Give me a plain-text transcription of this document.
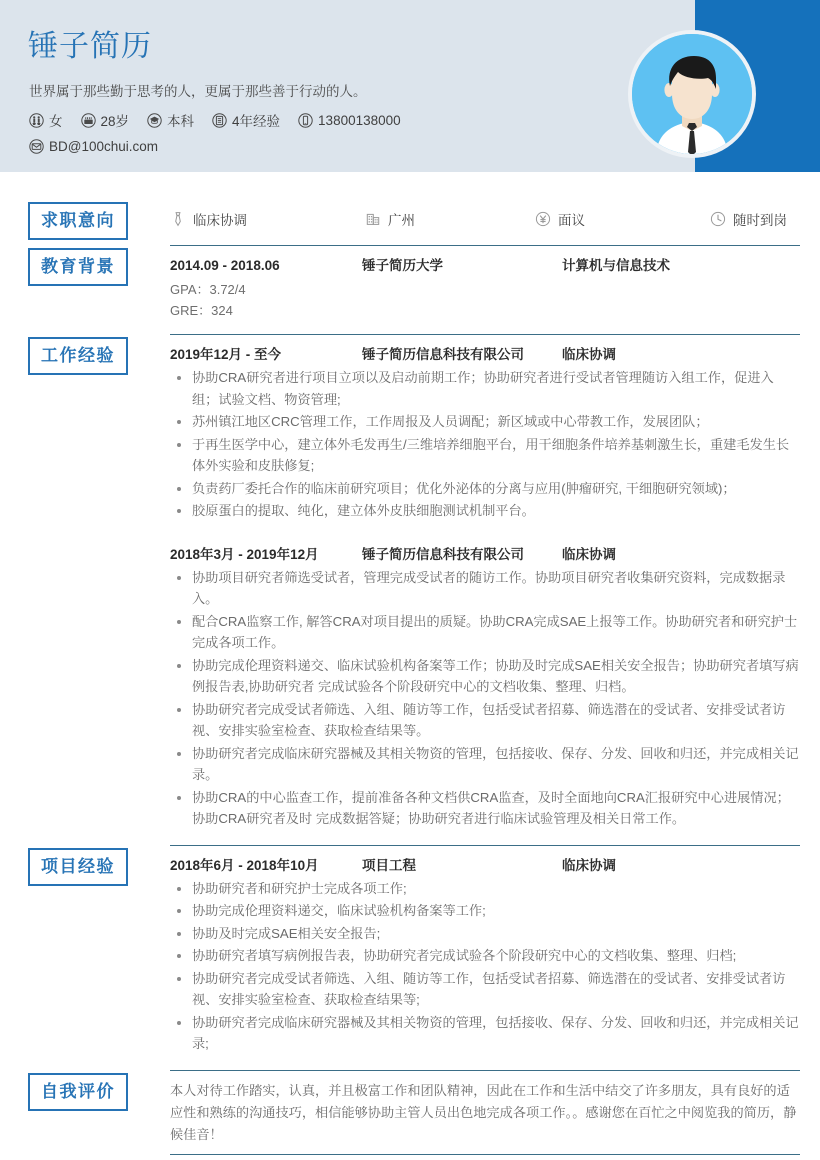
锤子简历
世界属于那些勤于思考的人，更属于那些善于行动的人。
女	28岁	本科	4年经验	13800138000
BD@100chui.com
求职意向	临床协调	广州	面议	随时到岗
教育背景	2014.09 - 2018.06	锤子简历大学	计算机与信息技术
GPA：3.72/4
GRE：324
工作经验	2019年12月 - 至今	锤子简历信息科技有限公司	临床协调
协助CRA研究者进行项目立项以及启动前期工作；协助研究者进行受试者管理随访入组工作，促进入组；试验文档、物资管理;
苏州镇江地区CRC管理工作，工作周报及人员调配；新区域或中心带教工作，发展团队；
于再生医学中心，建立体外毛发再生/三维培养细胞平台，用干细胞条件培养基刺激生长，重建毛发生长体外实验和皮肤修复;
负责药厂委托合作的临床前研究项目；优化外泌体的分离与应用(肿瘤研究, 干细胞研究领域)；
胶原蛋白的提取、纯化，建立体外皮肤细胞测试机制平台。
2018年3月 - 2019年12月	锤子简历信息科技有限公司	临床协调
协助项目研究者筛选受试者，管理完成受试者的随访工作。协助项目研究者收集研究资料，完成数据录入。
配合CRA监察工作, 解答CRA对项目提出的质疑。协助CRA完成SAE上报等工作。协助研究者和研究护士完成各项工作。
协助完成伦理资料递交、临床试验机构备案等工作；协助及时完成SAE相关安全报告；协助研究者填写病例报告表,协助研究者 完成试验各个阶段研究中心的文档收集、整理、归档。
协助研究者完成受试者筛选、入组、随访等工作，包括受试者招募、筛选潜在的受试者、安排受试者访视、安排实验室检查、获取检查结果等。
协助研究者完成临床研究器械及其相关物资的管理，包括接收、保存、分发、回收和归还，并完成相关记录。
协助CRA的中心监查工作，提前准备各种文档供CRA监查，及时全面地向CRA汇报研究中心进展情况；协助CRA研究者及时 完成数据答疑；协助研究者进行临床试验管理及相关日常工作。
项目经验	2018年6月 - 2018年10月	项目工程	临床协调
协助研究者和研究护士完成各项工作;
协助完成伦理资料递交，临床试验机构备案等工作;
协助及时完成SAE相关安全报告;
协助研究者填写病例报告表，协助研究者完成试验各个阶段研究中心的文档收集、整理、归档;
协助研究者完成受试者筛选、入组、随访等工作，包括受试者招募、筛选潜在的受试者、安排受试者访视、安排实验室检查、获取检查结果等;
协助研究者完成临床研究器械及其相关物资的管理，包括接收、保存、分发、回收和归还，并完成相关记录;
自我评价	本人对待工作踏实，认真，并且极富工作和团队精神，因此在工作和生活中结交了许多朋友，具有良好的适应性和熟练的沟通技巧，相信能够协助主管人员出色地完成各项工作。。感谢您在百忙之中阅览我的简历，静候佳音！
